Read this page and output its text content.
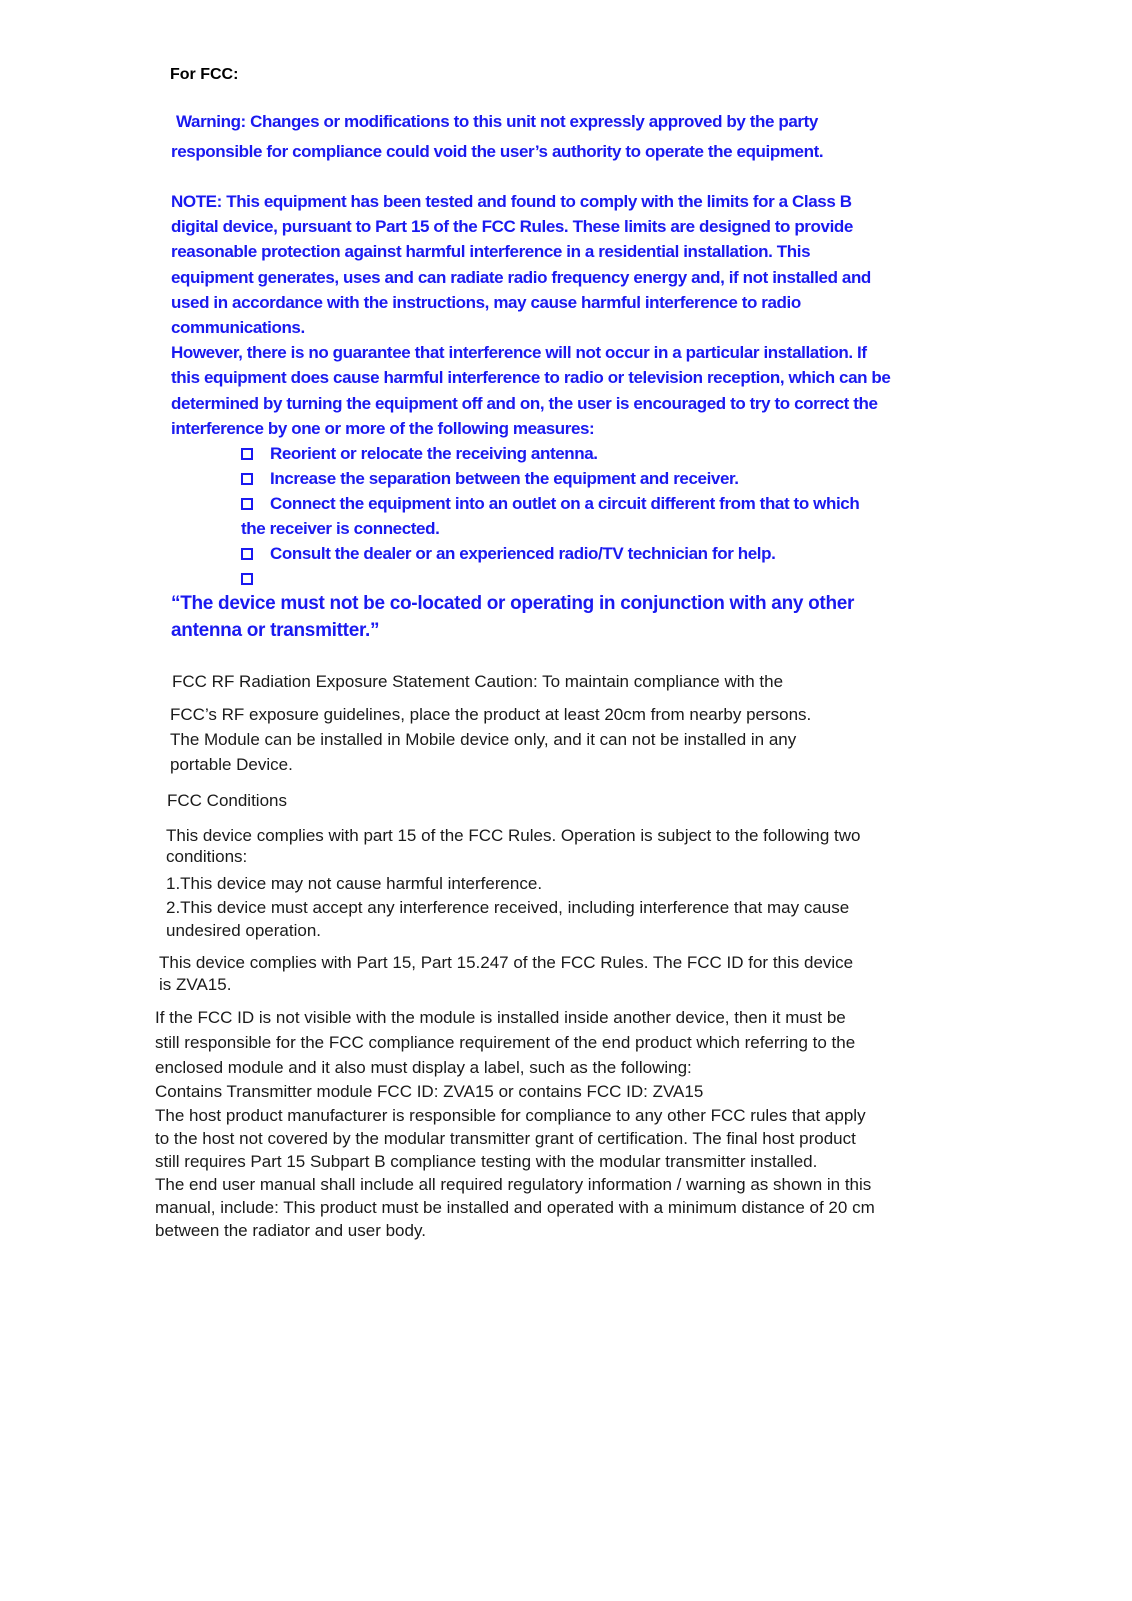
For FCC:
Warning: Changes or modifications to this unit not expressly approved by the party
responsible for compliance could void the user’s authority to operate the equipment.
NOTE: This equipment has been tested and found to comply with the limits for a Class B
digital device, pursuant to Part 15 of the FCC Rules. These limits are designed to provide
reasonable protection against harmful interference in a residential installation. This
equipment generates, uses and can radiate radio frequency energy and, if not installed and
used in accordance with the instructions, may cause harmful interference to radio
communications.
However, there is no guarantee that interference will not occur in a particular installation. If
this equipment does cause harmful interference to radio or television reception, which can be
determined by turning the equipment off and on, the user is encouraged to try to correct the
interference by one or more of the following measures:
Reorient or relocate the receiving antenna.
Increase the separation between the equipment and receiver.
Connect the equipment into an outlet on a circuit different from that to which
the receiver is connected.
Consult the dealer or an experienced radio/TV technician for help.
“The device must not be co-located or operating in conjunction with any other
antenna or transmitter.”
FCC RF Radiation Exposure Statement Caution: To maintain compliance with the
FCC’s RF exposure guidelines, place the product at least 20cm from nearby persons.
The Module can be installed in Mobile device only, and it can not be installed in any
portable Device.
FCC Conditions
This device complies with part 15 of the FCC Rules. Operation is subject to the following two
conditions:
1.This device may not cause harmful interference.
2.This device must accept any interference received, including interference that may cause
undesired operation.
This device complies with Part 15, Part 15.247 of the FCC Rules. The FCC ID for this device
is ZVA15.
If the FCC ID is not visible with the module is installed inside another device, then it must be
still responsible for the FCC compliance requirement of the end product which referring to the
enclosed module and it also must display a label, such as the following:
Contains Transmitter module FCC ID: ZVA15 or contains FCC ID: ZVA15
The host product manufacturer is responsible for compliance to any other FCC rules that apply
to the host not covered by the modular transmitter grant of certification. The final host product
still requires Part 15 Subpart B compliance testing with the modular transmitter installed.
The end user manual shall include all required regulatory information / warning as shown in this
manual, include: This product must be installed and operated with a minimum distance of 20 cm
between the radiator and user body.
